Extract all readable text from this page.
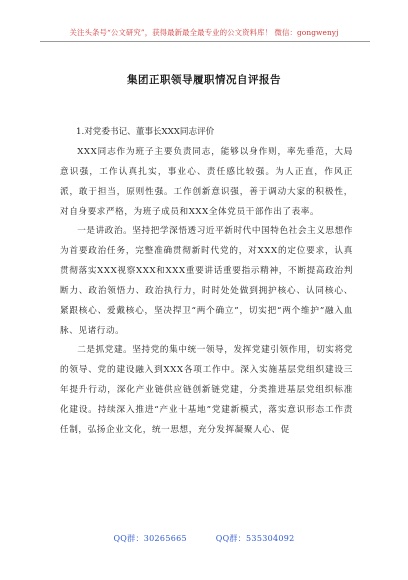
关注头条号“公文研究”，获得最新最全最专业的公文资料库！ 微信：gongwenyj
集团正职领导履职情况自评报告
1.对党委书记、董事长XXX同志评价

XXX同志作为班子主要负责同志，能够以身作则，率先垂范，大局意识强，工作认真扎实，事业心、责任感比较强。为人正直，作风正派，敢于担当，原则性强。工作创新意识强，善于调动大家的积极性，对自身要求严格，为班子成员和XXX全体党员干部作出了表率。

一是讲政治。坚持把学深悟透习近平新时代中国特色社会主义思想作为首要政治任务，完整准确贯彻新时代党的，对XXX的定位要求，认真贯彻落实XXX视察XXX和XXX重要讲话重要指示精神，不断提高政治判断力、政治领悟力、政治执行力，时时处处做到拥护核心、认同核心、紧跟核心、爱戴核心，坚决捍卫“两个确立”，切实把“两个维护”融入血脉、见诸行动。

二是抓党建。坚持党的集中统一领导，发挥党建引领作用，切实将党的领导、党的建设融入到XXX各项工作中。深入实施基层党组织建设三年提升行动，深化产业链供应链创新链党建，分类推进基层党组织标准化建设。持续深入推进“产业十基地”党建新模式，落实意识形态工作责任制，弘扬企业文化，统一思想，充分发挥凝聚人心、促

QQ群：30265665	QQ群：535304092
